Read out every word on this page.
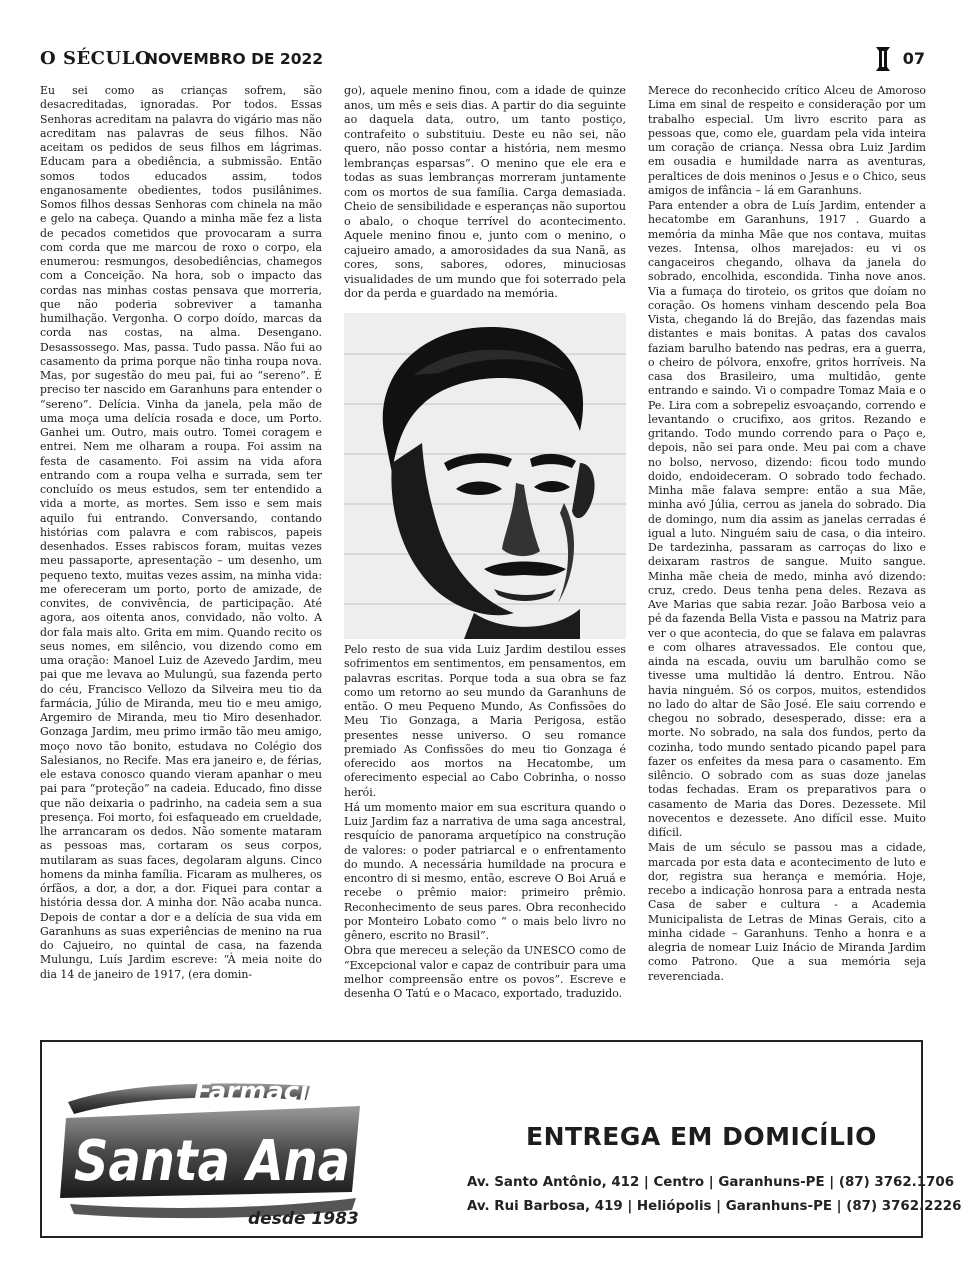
O SÉCULO
NOVEMBRO DE 2022	07

Eu sei como as crianças sofrem, são desacreditadas, ignoradas. Por todos. Essas Senhoras acreditam na palavra do vigário mas não acreditam nas palavras de seus filhos. Não aceitam os pedidos de seus filhos em lágrimas. Educam para a obediência, a submissão. Então somos todos educados assim, todos enganosamente obedientes, todos pusilânimes. Somos filhos dessas Senhoras com chinela na mão e gelo na cabeça. Quando a minha mãe fez a lista de pecados cometidos que provocaram a surra com corda que me marcou de roxo o corpo, ela enumerou: resmungos, desobediências, chamegos com a Conceição. Na hora, sob o impacto das cordas nas minhas costas pensava que morreria, que não poderia sobreviver a tamanha humilhação. Vergonha. O corpo doído, marcas da corda nas costas, na alma. Desengano. Desassossego. Mas, passa. Tudo passa. Não fui ao casamento da prima porque não tinha roupa nova. Mas, por sugestão do meu pai, fui ao “sereno”. É preciso ter nascido em Garanhuns para entender o “sereno”. Delícia. Vinha da janela, pela mão de uma moça uma delícia rosada e doce, um Porto. Ganhei um. Outro, mais outro. Tomei coragem e entrei. Nem me olharam a roupa. Foi assim na festa de casamento. Foi assim na vida afora entrando com a roupa velha e surrada, sem ter concluído os meus estudos, sem ter entendido a vida a morte, as mortes. Sem isso e sem mais aquilo fui entrando. Conversando, contando histórias com palavra e com rabiscos, papeis desenhados. Esses rabiscos foram, muitas vezes meu passaporte, apresentação – um desenho, um pequeno texto, muitas vezes assim, na minha vida: me ofereceram um porto, porto de amizade, de convites, de convivência, de participação. Até agora, aos oitenta anos, convidado, não volto. A dor fala mais alto. Grita em mim. Quando recito os seus nomes, em silêncio, vou dizendo como em uma oração: Manoel Luiz de Azevedo Jardim, meu pai que me levava ao Mulungú, sua fazenda perto do céu, Francisco Vellozo da Silveira meu tio da farmácia, Júlio de Miranda, meu tio e meu amigo, Argemiro de Miranda, meu tio Miro desenhador. Gonzaga Jardim, meu primo irmão tão meu amigo, moço novo tão bonito, estudava no Colégio dos Salesianos, no Recife. Mas era janeiro e, de férias, ele estava conosco quando vieram apanhar o meu pai para “proteção” na cadeia. Educado, fino disse que não deixaria o padrinho, na cadeia sem a sua presença. Foi morto, foi esfaqueado em crueldade, lhe arrancaram os dedos. Não somente mataram as pessoas mas, cortaram os seus corpos, mutilaram as suas faces, degolaram alguns. Cinco homens da minha família. Ficaram as mulheres, os órfãos, a dor, a dor, a dor. Fiquei para contar a história dessa dor. A minha dor. Não acaba nunca. Depois de contar a dor e a delícia de sua vida em Garanhuns as suas experiências de menino na rua do Cajueiro, no quintal de casa, na fazenda Mulungu, Luís Jardim escreve: “À meia noite do dia 14 de janeiro de 1917, (era domin-

go), aquele menino finou, com a idade de quinze anos, um mês e seis dias. A partir do dia seguinte ao daquela data, outro, um tanto postiço, contrafeito o substituiu. Deste eu não sei, não quero, não posso contar a história, nem mesmo lembranças esparsas”. O menino que ele era e todas as suas lembranças morreram juntamente com os mortos de sua família. Carga demasiada. Cheio de sensibilidade e esperanças não suportou o abalo, o choque terrível do acontecimento. Aquele menino finou e, junto com o menino, o cajueiro amado, a amorosidades da sua Nanã, as cores, sons, sabores, odores, minuciosas visualidades de um mundo que foi soterrado pela dor da perda e guardado na memória.

Pelo resto de sua vida Luiz Jardim destilou esses sofrimentos em sentimentos, em pensamentos, em palavras escritas. Porque toda a sua obra se faz como um retorno ao seu mundo da Garanhuns de então. O meu Pequeno Mundo, As Confissões do Meu Tio Gonzaga, a Maria Perigosa, estão presentes nesse universo. O seu romance premiado As Confissões do meu tio Gonzaga é oferecido aos mortos na Hecatombe, um oferecimento especial ao Cabo Cobrinha, o nosso herói.

Há um momento maior em sua escritura quando o Luiz Jardim faz a narrativa de uma saga ancestral, resquício de panorama arquetípico na construção de valores: o poder patriarcal e o enfrentamento do mundo. A necessária humildade na procura e encontro di si mesmo, então, escreve O Boi Aruá e recebe o prêmio maior: primeiro prêmio. Reconhecimento de seus pares. Obra reconhecido por Monteiro Lobato como “ o mais belo livro no gênero, escrito no Brasil”.

Obra que mereceu a seleção da UNESCO como de “Excepcional valor e capaz de contribuir para uma melhor compreensão entre os povos”. Escreve e desenha O Tatú e o Macaco, exportado, traduzido.

Merece do reconhecido crítico Alceu de Amoroso Lima em sinal de respeito e consideração por um trabalho especial. Um livro escrito para as pessoas que, como ele, guardam pela vida inteira um coração de criança. Nessa obra Luiz Jardim em ousadia e humildade narra as aventuras, peraltices de dois meninos o Jesus e o Chico, seus amigos de infância – lá em Garanhuns.

Para entender a obra de Luís Jardim, entender a hecatombe em Garanhuns, 1917 . Guardo a memória da minha Mãe que nos contava, muitas vezes. Intensa, olhos marejados: eu vi os cangaceiros chegando, olhava da janela do sobrado, encolhida, escondida. Tinha nove anos. Via a fumaça do tiroteio, os gritos que doíam no coração. Os homens vinham descendo pela Boa Vista, chegando lá do Brejão, das fazendas mais distantes e mais bonitas. A patas dos cavalos faziam barulho batendo nas pedras, era a guerra, o cheiro de pólvora, enxofre, gritos horríveis. Na casa dos Brasileiro, uma multidão, gente entrando e saindo. Vi o compadre Tomaz Maia e o Pe. Lira com a sobrepeliz esvoaçando, correndo e levantando o crucifixo, aos gritos. Rezando e gritando. Todo mundo correndo para o Paço e, depois, não sei para onde. Meu pai com a chave no bolso, nervoso, dizendo: ficou todo mundo doido, endoideceram. O sobrado todo fechado. Minha mãe falava sempre: então a sua Mãe, minha avó Júlia, cerrou as janela do sobrado. Dia de domingo, num dia assim as janelas cerradas é igual a luto. Ninguém saiu de casa, o dia inteiro. De tardezinha, passaram as carroças do lixo e deixaram rastros de sangue. Muito sangue. Minha mãe cheia de medo, minha avó dizendo: cruz, credo. Deus tenha pena deles. Rezava as Ave Marias que sabia rezar. João Barbosa veio a pé da fazenda Bella Vista e passou na Matriz para ver o que acontecia, do que se falava em palavras e com olhares atravessados. Ele contou que, ainda na escada, ouviu um barulhão como se tivesse uma multidão lá dentro. Entrou. Não havia ninguém. Só os corpos, muitos, estendidos no lado do altar de São José. Ele saiu correndo e chegou no sobrado, desesperado, disse: era a morte. No sobrado, na sala dos fundos, perto da cozinha, todo mundo sentado picando papel para fazer os enfeites da mesa para o casamento. Em silêncio. O sobrado com as suas doze janelas todas fechadas. Eram os preparativos para o casamento de Maria das Dores. Dezessete. Mil novecentos e dezessete. Ano difícil esse. Muito difícil.

Mais de um século se passou mas a cidade, marcada por esta data e acontecimento de luto e dor, registra sua herança e memória. Hoje, recebo a indicação honrosa para a entrada nesta Casa de saber e cultura - a Academia Municipalista de Letras de Minas Gerais, cito a minha cidade – Garanhuns. Tenho a honra e a alegria de nomear Luiz Inácio de Miranda Jardim como Patrono. Que a sua memória seja reverenciada.

Farmácia
Santa Ana
desde 1983
ENTREGA EM DOMICÍLIO
Av. Santo Antônio, 412 | Centro | Garanhuns-PE | (87) 3762.1706
Av. Rui Barbosa, 419 | Heliópolis | Garanhuns-PE | (87) 3762.2226
